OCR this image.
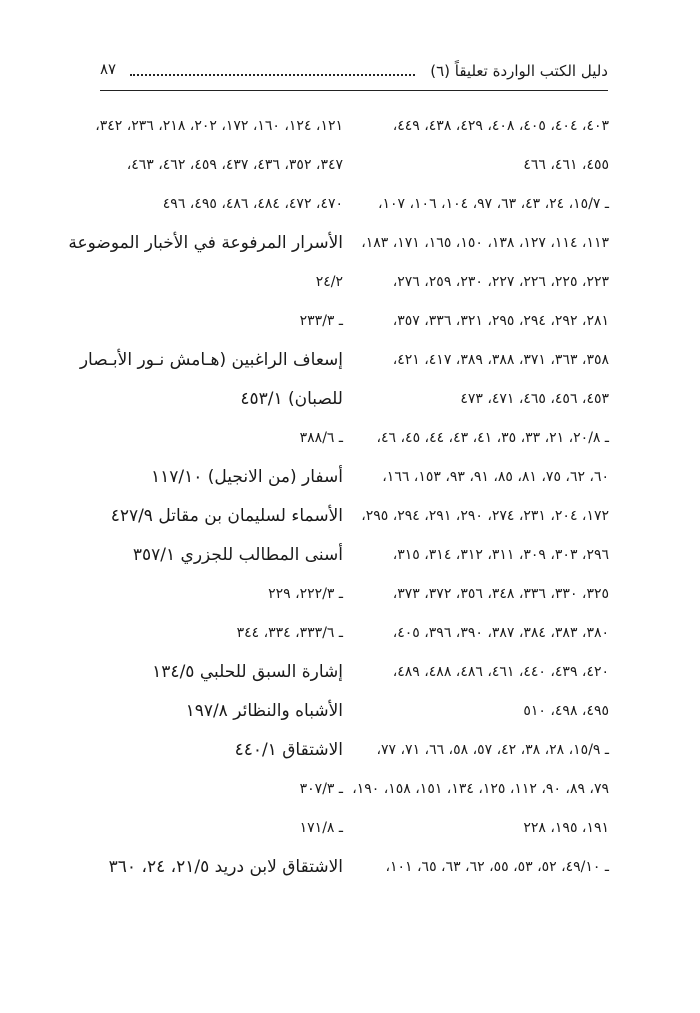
دليل الكتب الواردة تعليقاً (٦)
٨٧
٤٠٣، ٤٠٤، ٤٠٥، ٤٠٨، ٤٢٩، ٤٣٨، ٤٤٩،
٤٥٥، ٤٦١، ٤٦٦
ـ ١٥/٧، ٢٤، ٤٣، ٦٣، ٩٧، ١٠٤، ١٠٦، ١٠٧،
١١٣، ١١٤، ١٢٧، ١٣٨، ١٥٠، ١٦٥، ١٧١، ١٨٣،
٢٢٣، ٢٢٥، ٢٢٦، ٢٢٧، ٢٣٠، ٢٥٩، ٢٧٦،
٢٨١، ٢٩٢، ٢٩٤، ٢٩٥، ٣٢١، ٣٣٦، ٣٥٧،
٣٥٨، ٣٦٣، ٣٧١، ٣٨٨، ٣٨٩، ٤١٧، ٤٢١،
٤٥٣، ٤٥٦، ٤٦٥، ٤٧١، ٤٧٣
ـ ٢٠/٨، ٢١، ٣٣، ٣٥، ٤١، ٤٣، ٤٤، ٤٥، ٤٦،
٦٠، ٦٢، ٧٥، ٨١، ٨٥، ٩١، ٩٣، ١٥٣، ١٦٦،
١٧٢، ٢٠٤، ٢٣١، ٢٧٤، ٢٩٠، ٢٩١، ٢٩٤، ٢٩٥،
٢٩٦، ٣٠٣، ٣٠٩، ٣١١، ٣١٢، ٣١٤، ٣١٥،
٣٢٥، ٣٣٠، ٣٣٦، ٣٤٨، ٣٥٦، ٣٧٢، ٣٧٣،
٣٨٠، ٣٨٣، ٣٨٤، ٣٨٧، ٣٩٠، ٣٩٦، ٤٠٥،
٤٢٠، ٤٣٩، ٤٤٠، ٤٦١، ٤٨٦، ٤٨٨، ٤٨٩،
٤٩٥، ٤٩٨، ٥١٠
ـ ١٥/٩، ٢٨، ٣٨، ٤٢، ٥٧، ٥٨، ٦٦، ٧١، ٧٧،
٧٩، ٨٩، ٩٠، ١١٢، ١٢٥، ١٣٤، ١٥١، ١٥٨، ١٩٠،
١٩١، ١٩٥، ٢٢٨
ـ ٤٩/١٠، ٥٢، ٥٣، ٥٥، ٦٢، ٦٣، ٦٥، ١٠١،
١٢١، ١٢٤، ١٦٠، ١٧٢، ٢٠٢، ٢١٨، ٢٣٦، ٣٤٢،
٣٤٧، ٣٥٢، ٤٣٦، ٤٣٧، ٤٥٩، ٤٦٢، ٤٦٣،
٤٧٠، ٤٧٢، ٤٨٤، ٤٨٦، ٤٩٥، ٤٩٦
الأسرار المرفوعة في الأخبار الموضوعة
٢٤/٢
ـ ٢٣٣/٣
إسعاف الراغبين (هـامش نـور الأبـصار
للصبان) ٤٥٣/١
ـ ٣٨٨/٦
أسفار (من الانجيل) ١١٧/١٠
الأسماء لسليمان بن مقاتل ٤٢٧/٩
أسنى المطالب للجزري ٣٥٧/١
ـ ٢٢٢/٣، ٢٢٩
ـ ٣٣٣/٦، ٣٣٤، ٣٤٤
إشارة السبق للحلبي ١٣٤/٥
الأشباه والنظائر ١٩٧/٨
الاشتقاق ٤٤٠/١
ـ ٣٠٧/٣
ـ ١٧١/٨
الاشتقاق لابن دريد ٢١/٥، ٢٤، ٣٦٠
